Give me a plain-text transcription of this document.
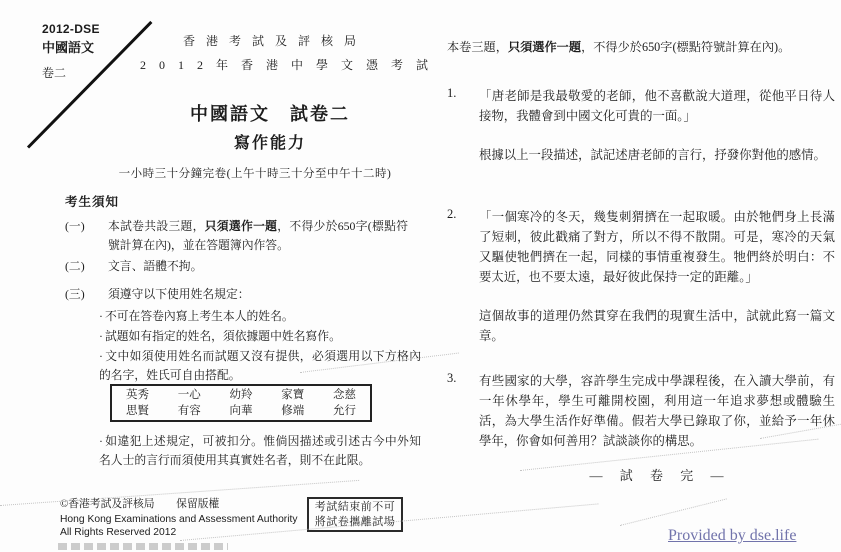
2012-DSE
中國語文
卷二
香港考試及評核局
2 0 1 2 年 香 港 中 學 文 憑 考 試
中國語文　試卷二
寫作能力
一小時三十分鐘完卷(上午十時三十分至中午十二時)
考生須知
(一) 本試卷共設三題，只須選作一題，不得少於650字(標點符號計算在內)，並在答題簿內作答。
(二) 文言、語體不拘。
(三) 須遵守以下使用姓名規定：
· 不可在答卷內寫上考生本人的姓名。
· 試題如有指定的姓名，須依據題中姓名寫作。
· 文中如須使用姓名而試題又沒有提供，必須選用以下方格內的名字，姓氏可自由搭配。
英秀	一心	幼羚	家寶	念慈
思賢	有容	向華	修端	允行
· 如違犯上述規定，可被扣分。惟倘因描述或引述古今中外知名人士的言行而須使用其真實姓名者，則不在此限。
©香港考試及評核局　　保留版權
Hong Kong Examinations and Assessment Authority
All Rights Reserved 2012
考試結束前不可
將試卷攜離試場
本卷三題，只須選作一題，不得少於650字(標點符號計算在內)。
1. 「唐老師是我最敬愛的老師，他不喜歡說大道理，從他平日待人接物，我體會到中國文化可貴的一面。」
根據以上一段描述，試記述唐老師的言行，抒發你對他的感情。
2. 「一個寒冷的冬天，幾隻刺猬擠在一起取暖。由於牠們身上長滿了短刺，彼此戳痛了對方，所以不得不散開。可是，寒冷的天氣又驅使牠們擠在一起，同樣的事情重複發生。牠們終於明白：不要太近，也不要太遠，最好彼此保持一定的距離。」
這個故事的道理仍然貫穿在我們的現實生活中，試就此寫一篇文章。
3. 有些國家的大學，容許學生完成中學課程後，在入讀大學前，有一年休學年，學生可離開校園，利用這一年追求夢想或體驗生活，為大學生活作好準備。假若大學已錄取了你，並給予一年休學年，你會如何善用？試談談你的構思。
— 試 卷 完 —
Provided by dse.life
